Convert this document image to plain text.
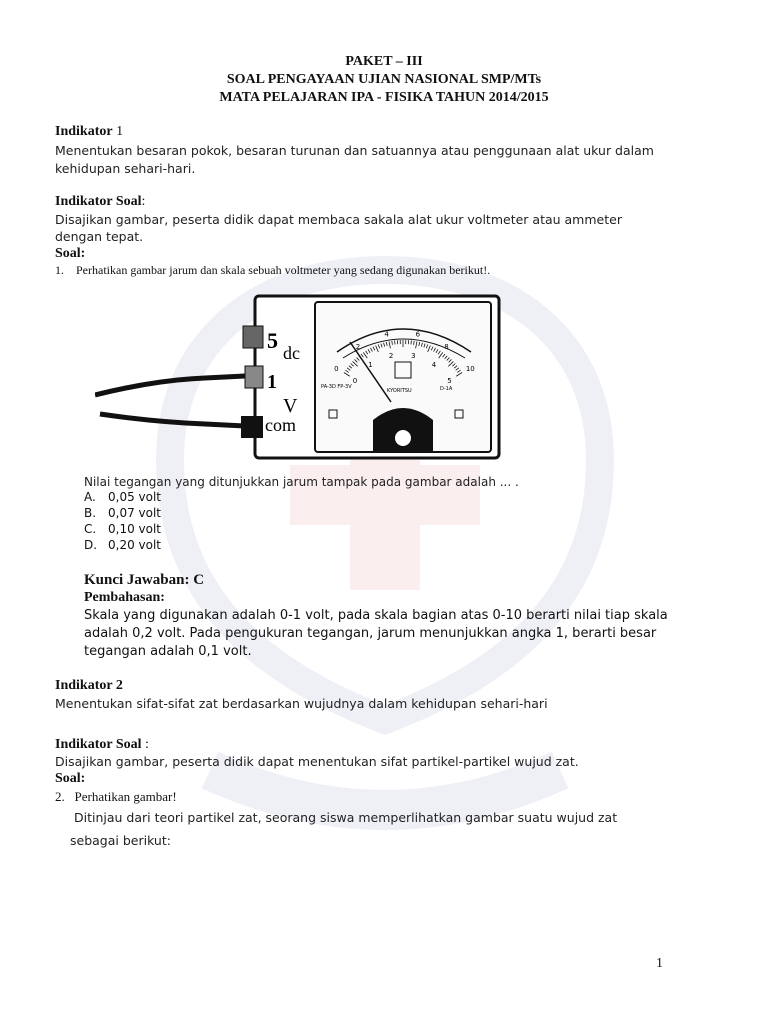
PAKET – III
SOAL PENGAYAAN UJIAN NASIONAL SMP/MTs
MATA PELAJARAN IPA - FISIKA TAHUN 2014/2015
Indikator 1
Menentukan besaran pokok, besaran turunan dan satuannya atau penggunaan alat ukur dalam
kehidupan sehari-hari.
Indikator Soal:
Disajikan gambar, peserta didik dapat membaca sakala alat ukur voltmeter atau ammeter
dengan tepat.
Soal:
1. Perhatikan gambar jarum dan skala sebuah voltmeter yang sedang digunakan berikut!.
5 dc
1
V
com
0
2
4	6
8
10
0
1
2	3
4
5
KYORITSU
PA-3D FP-3V	D-1A
Nilai tegangan yang ditunjukkan jarum tampak pada gambar adalah ... .
A. 0,05 volt
B. 0,07 volt
C. 0,10 volt
D. 0,20 volt
Kunci Jawaban: C
Pembahasan:
Skala yang digunakan adalah 0-1 volt, pada skala bagian atas 0-10 berarti nilai tiap skala
adalah 0,2 volt. Pada pengukuran tegangan, jarum menunjukkan angka 1, berarti besar
tegangan adalah 0,1 volt.
Indikator 2
Menentukan sifat-sifat zat berdasarkan wujudnya dalam kehidupan sehari-hari
Indikator Soal :
Disajikan gambar, peserta didik dapat menentukan sifat partikel-partikel wujud zat.
Soal:
2. Perhatikan gambar!
Ditinjau dari teori partikel zat, seorang siswa memperlihatkan gambar suatu wujud zat
sebagai berikut:
1
